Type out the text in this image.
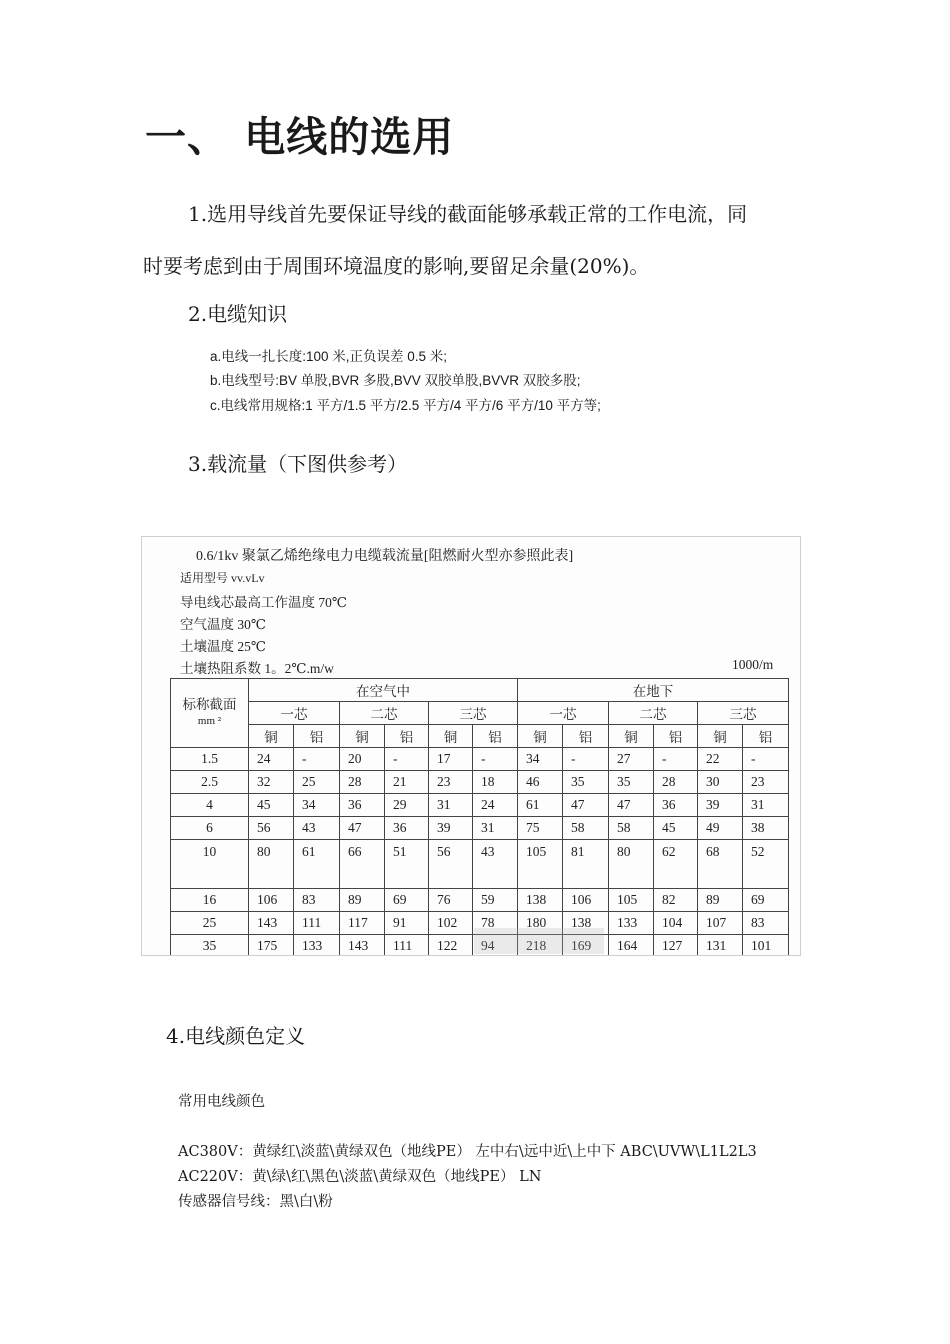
一、 电线的选用
1.选用导线首先要保证导线的截面能够承载正常的工作电流，同
时要考虑到由于周围环境温度的影响,要留足余量(20%)。
2.电缆知识
a.电线一扎长度:100 米,正负误差 0.5 米;
b.电线型号:BV 单股,BVR 多股,BVV 双胶单股,BVVR 双胶多股;
c.电线常用规格:1 平方/1.5 平方/2.5 平方/4 平方/6 平方/10 平方等;
3.载流量（下图供参考）
0.6/1kv 聚氯乙烯绝缘电力电缆载流量[阻燃耐火型亦参照此表]
适用型号 vv.vLv
导电线芯最高工作温度 70℃
空气温度 30℃
土壤温度 25℃
土壤热阻系数 1。2℃.m/w	1000/m
标称截面
mm ²	在空气中						在地下					
	一芯		二芯		三芯		一芯		二芯		三芯	
	铜	铝	铜	铝	铜	铝	铜	铝	铜	铝	铜	铝
1.5	24	-	20	-	17	-	34	-	27	-	22	-
2.5	32	25	28	21	23	18	46	35	35	28	30	23
4	45	34	36	29	31	24	61	47	47	36	39	31
6	56	43	47	36	39	31	75	58	58	45	49	38
10	80	61	66	51	56	43	105	81	80	62	68	52
16	106	83	89	69	76	59	138	106	105	82	89	69
25	143	111	117	91	102	78	180	138	133	104	107	83
35	175	133	143	111	122	94	218	169	164	127	131	101
4.电线颜色定义
常用电线颜色
AC380V：黄绿红\淡蓝\黄绿双色（地线PE） 左中右\远中近\上中下 ABC\UVW\L1L2L3
AC220V：黄\绿\红\黑色\淡蓝\黄绿双色（地线PE） LN
传感器信号线：黑\白\粉
